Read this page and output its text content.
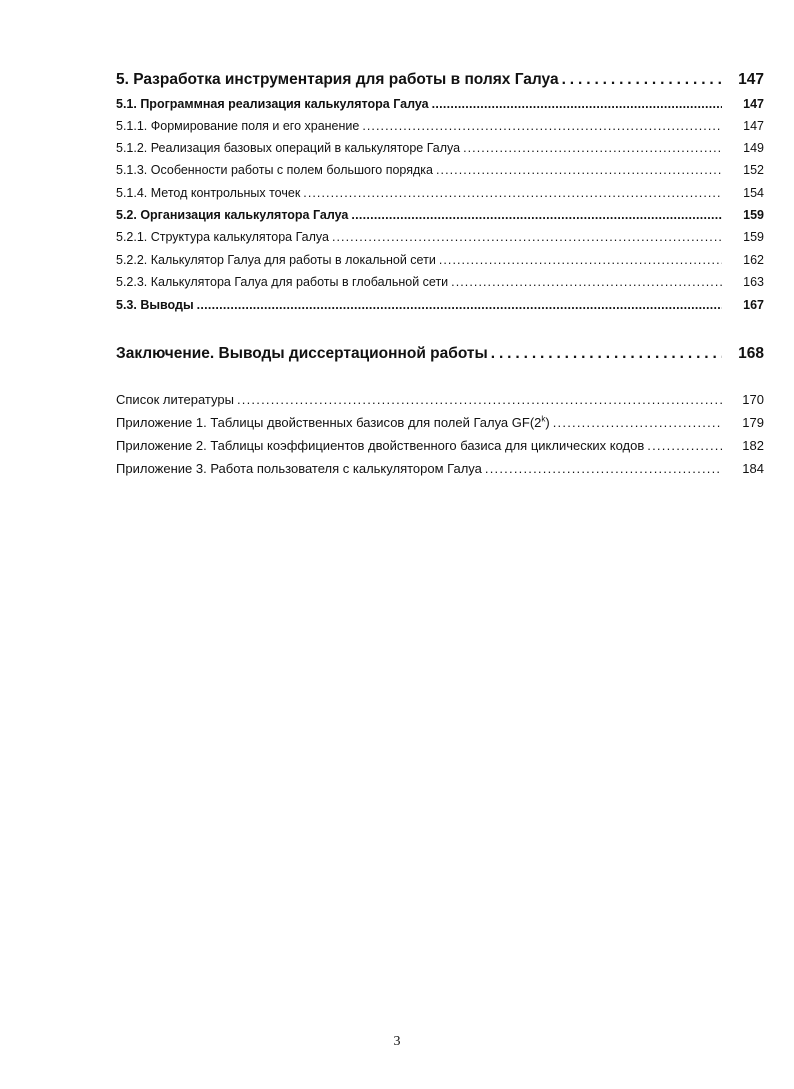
5. Разработка инструментария для работы в полях Галуа . . .	147
5.1. Программная реализация калькулятора Галуа . . .	147
5.1.1. Формирование поля и его хранение . . .	147
5.1.2. Реализация базовых операций в калькуляторе Галуа . . .	149
5.1.3. Особенности работы с полем большого порядка . . .	152
5.1.4. Метод контрольных точек . . .	154
5.2. Организация калькулятора Галуа . . .	159
5.2.1. Структура калькулятора Галуа . . .	159
5.2.2. Калькулятор Галуа для работы в локальной сети . . .	162
5.2.3. Калькулятора Галуа для работы в глобальной сети . . .	163
5.3. Выводы . . .	167
Заключение. Выводы диссертационной работы . . .	168
Список литературы . . .	170
Приложение 1. Таблицы двойственных базисов для полей Галуа GF(2$^k$) . . .	179
Приложение 2. Таблицы коэффициентов двойственного базиса для циклических кодов . . .	182
Приложение 3. Работа пользователя с калькулятором Галуа . . .	184
3
